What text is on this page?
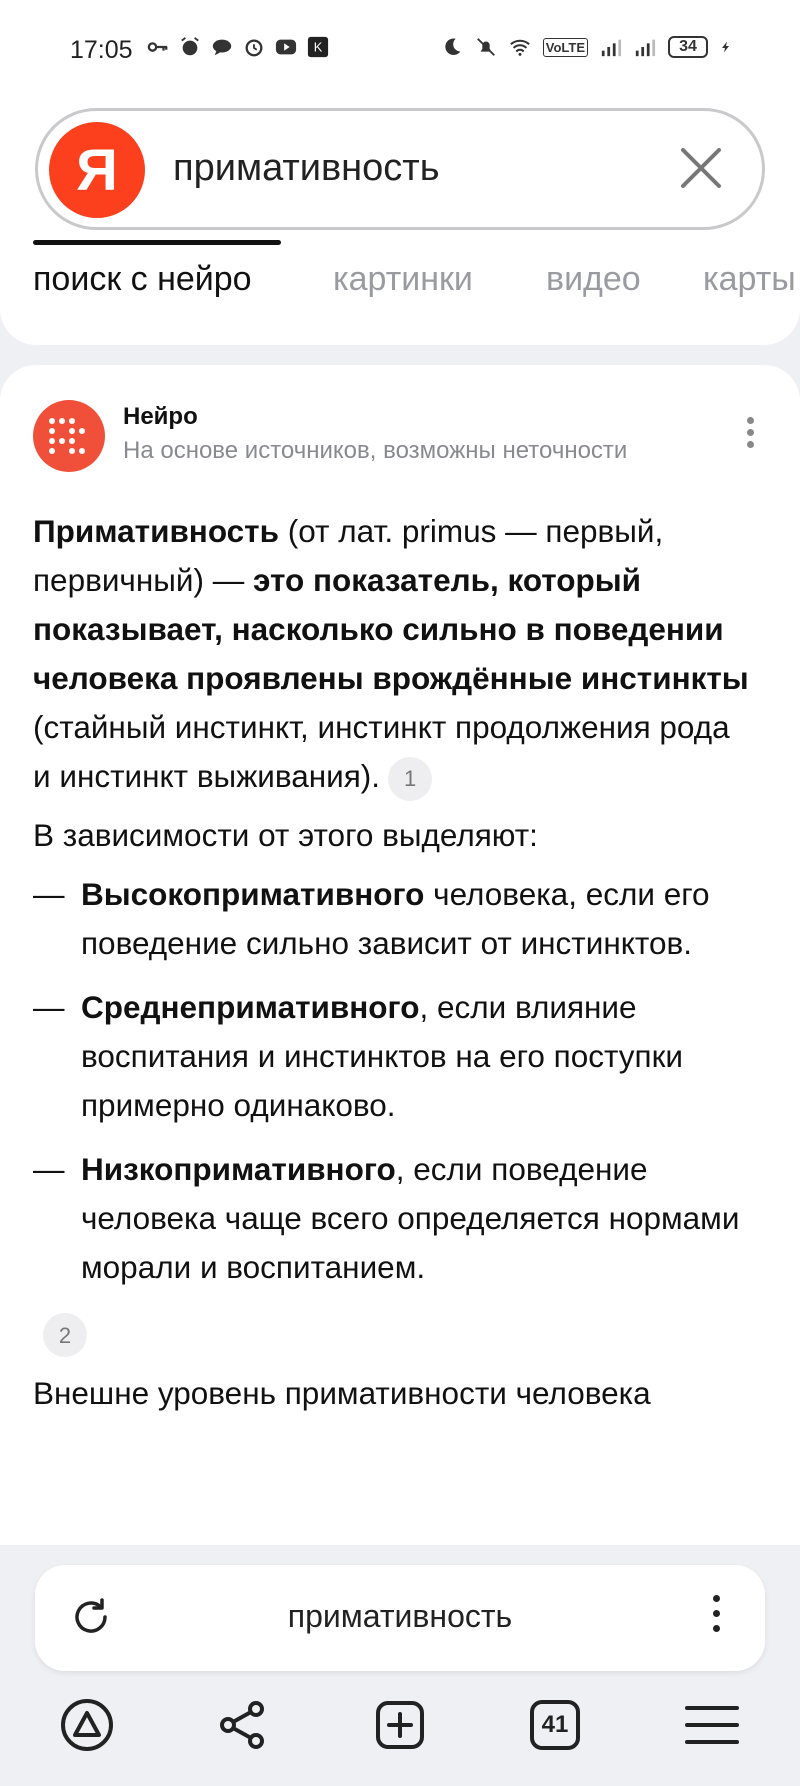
17:05	K	VoLTE	34
Я	примативность
поиск с нейро картинки видео карты
Нейро
На основе источников, возможны неточности

Примативность (от лат. primus — первый, первичный) — это показатель, который показывает, насколько сильно в поведении человека проявлены врождённые инстинкты (стайный инстинкт, инстинкт продолжения рода и инстинкт выживания). 1

В зависимости от этого выделяют:

— Высокопримативного человека, если его поведение сильно зависит от инстинктов.
— Среднепримативного, если влияние воспитания и инстинктов на его поступки примерно одинаково.
— Низкопримативного, если поведение человека чаще всего определяется нормами морали и воспитанием.
2

Внешне уровень примативности человека

примативность
41
